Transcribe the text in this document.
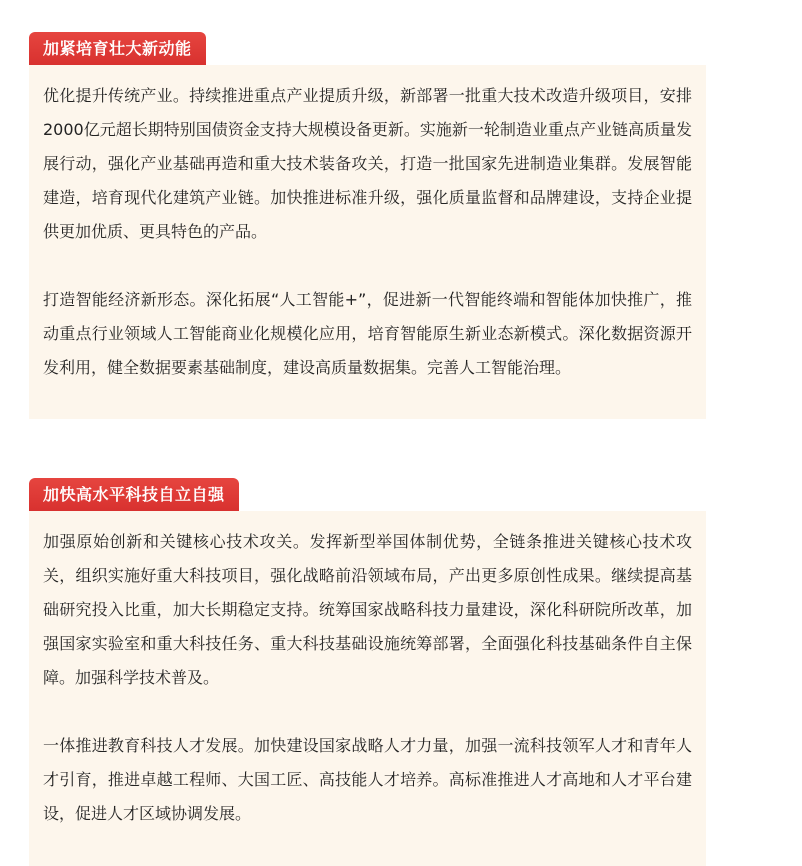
加紧培育壮大新动能

优化提升传统产业。持续推进重点产业提质升级，新部署一批重大技术改造升级项目，安排2000亿元超长期特别国债资金支持大规模设备更新。实施新一轮制造业重点产业链高质量发展行动，强化产业基础再造和重大技术装备攻关，打造一批国家先进制造业集群。发展智能建造，培育现代化建筑产业链。加快推进标准升级，强化质量监督和品牌建设，支持企业提供更加优质、更具特色的产品。

打造智能经济新形态。深化拓展“人工智能+”，促进新一代智能终端和智能体加快推广，推动重点行业领域人工智能商业化规模化应用，培育智能原生新业态新模式。深化数据资源开发利用，健全数据要素基础制度，建设高质量数据集。完善人工智能治理。

加快高水平科技自立自强

加强原始创新和关键核心技术攻关。发挥新型举国体制优势，全链条推进关键核心技术攻关，组织实施好重大科技项目，强化战略前沿领域布局，产出更多原创性成果。继续提高基础研究投入比重，加大长期稳定支持。统筹国家战略科技力量建设，深化科研院所改革，加强国家实验室和重大科技任务、重大科技基础设施统筹部署，全面强化科技基础条件自主保障。加强科学技术普及。

一体推进教育科技人才发展。加快建设国家战略人才力量，加强一流科技领军人才和青年人才引育，推进卓越工程师、大国工匠、高技能人才培养。高标准推进人才高地和人才平台建设，促进人才区域协调发展。
